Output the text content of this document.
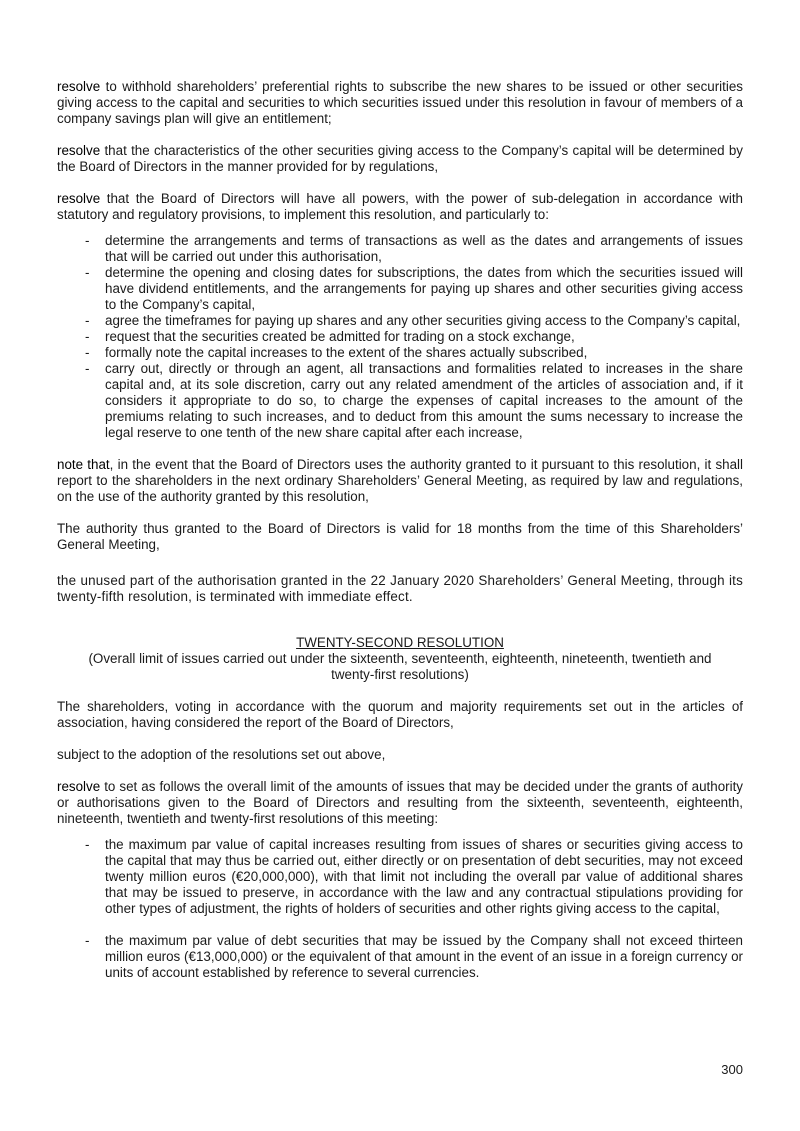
resolve to withhold shareholders’ preferential rights to subscribe the new shares to be issued or other securities giving access to the capital and securities to which securities issued under this resolution in favour of members of a company savings plan will give an entitlement;

resolve that the characteristics of the other securities giving access to the Company’s capital will be determined by the Board of Directors in the manner provided for by regulations,

resolve that the Board of Directors will have all powers, with the power of sub-delegation in accordance with statutory and regulatory provisions, to implement this resolution, and particularly to:

- determine the arrangements and terms of transactions as well as the dates and arrangements of issues that will be carried out under this authorisation,
- determine the opening and closing dates for subscriptions, the dates from which the securities issued will have dividend entitlements, and the arrangements for paying up shares and other securities giving access to the Company’s capital,
- agree the timeframes for paying up shares and any other securities giving access to the Company’s capital,
- request that the securities created be admitted for trading on a stock exchange,
- formally note the capital increases to the extent of the shares actually subscribed,
- carry out, directly or through an agent, all transactions and formalities related to increases in the share capital and, at its sole discretion, carry out any related amendment of the articles of association and, if it considers it appropriate to do so, to charge the expenses of capital increases to the amount of the premiums relating to such increases, and to deduct from this amount the sums necessary to increase the legal reserve to one tenth of the new share capital after each increase,

note that, in the event that the Board of Directors uses the authority granted to it pursuant to this resolution, it shall report to the shareholders in the next ordinary Shareholders’ General Meeting, as required by law and regulations, on the use of the authority granted by this resolution,

The authority thus granted to the Board of Directors is valid for 18 months from the time of this Shareholders’ General Meeting,

the unused part of the authorisation granted in the 22 January 2020 Shareholders’ General Meeting, through its twenty-fifth resolution, is terminated with immediate effect.

TWENTY-SECOND RESOLUTION
(Overall limit of issues carried out under the sixteenth, seventeenth, eighteenth, nineteenth, twentieth and twenty-first resolutions)

The shareholders, voting in accordance with the quorum and majority requirements set out in the articles of association, having considered the report of the Board of Directors,

subject to the adoption of the resolutions set out above,

resolve to set as follows the overall limit of the amounts of issues that may be decided under the grants of authority or authorisations given to the Board of Directors and resulting from the sixteenth, seventeenth, eighteenth, nineteenth, twentieth and twenty-first resolutions of this meeting:

- the maximum par value of capital increases resulting from issues of shares or securities giving access to the capital that may thus be carried out, either directly or on presentation of debt securities, may not exceed twenty million euros (€20,000,000), with that limit not including the overall par value of additional shares that may be issued to preserve, in accordance with the law and any contractual stipulations providing for other types of adjustment, the rights of holders of securities and other rights giving access to the capital,
- the maximum par value of debt securities that may be issued by the Company shall not exceed thirteen million euros (€13,000,000) or the equivalent of that amount in the event of an issue in a foreign currency or units of account established by reference to several currencies.
300
